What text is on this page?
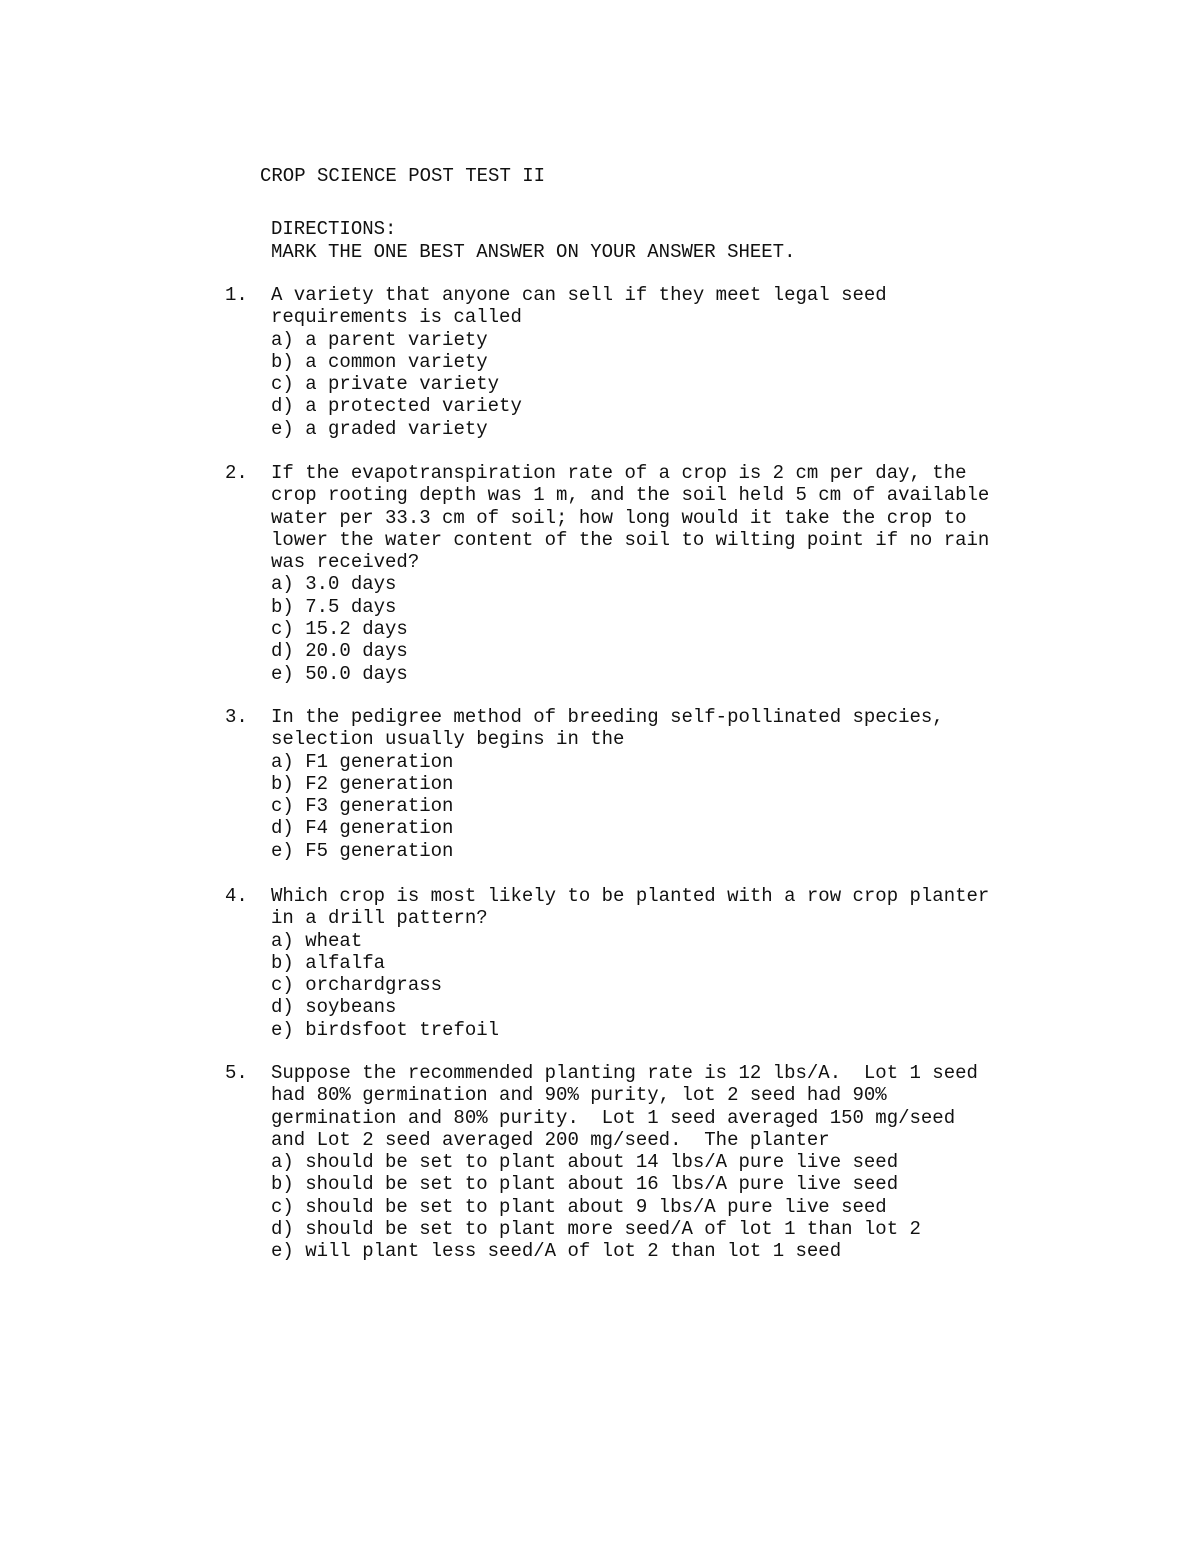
CROP SCIENCE POST TEST II
DIRECTIONS:
MARK THE ONE BEST ANSWER ON YOUR ANSWER SHEET.
1. A variety that anyone can sell if they meet legal seed
requirements is called
a) a parent variety
b) a common variety
c) a private variety
d) a protected variety
e) a graded variety
2. If the evapotranspiration rate of a crop is 2 cm per day, the
crop rooting depth was 1 m, and the soil held 5 cm of available
water per 33.3 cm of soil; how long would it take the crop to
lower the water content of the soil to wilting point if no rain
was received?
a) 3.0 days
b) 7.5 days
c) 15.2 days
d) 20.0 days
e) 50.0 days
3. In the pedigree method of breeding self-pollinated species,
selection usually begins in the
a) F1 generation
b) F2 generation
c) F3 generation
d) F4 generation
e) F5 generation
4. Which crop is most likely to be planted with a row crop planter
in a drill pattern?
a) wheat
b) alfalfa
c) orchardgrass
d) soybeans
e) birdsfoot trefoil
5. Suppose the recommended planting rate is 12 lbs/A.  Lot 1 seed
had 80% germination and 90% purity, lot 2 seed had 90%
germination and 80% purity.  Lot 1 seed averaged 150 mg/seed
and Lot 2 seed averaged 200 mg/seed.  The planter
a) should be set to plant about 14 lbs/A pure live seed
b) should be set to plant about 16 lbs/A pure live seed
c) should be set to plant about 9 lbs/A pure live seed
d) should be set to plant more seed/A of lot 1 than lot 2
e) will plant less seed/A of lot 2 than lot 1 seed
